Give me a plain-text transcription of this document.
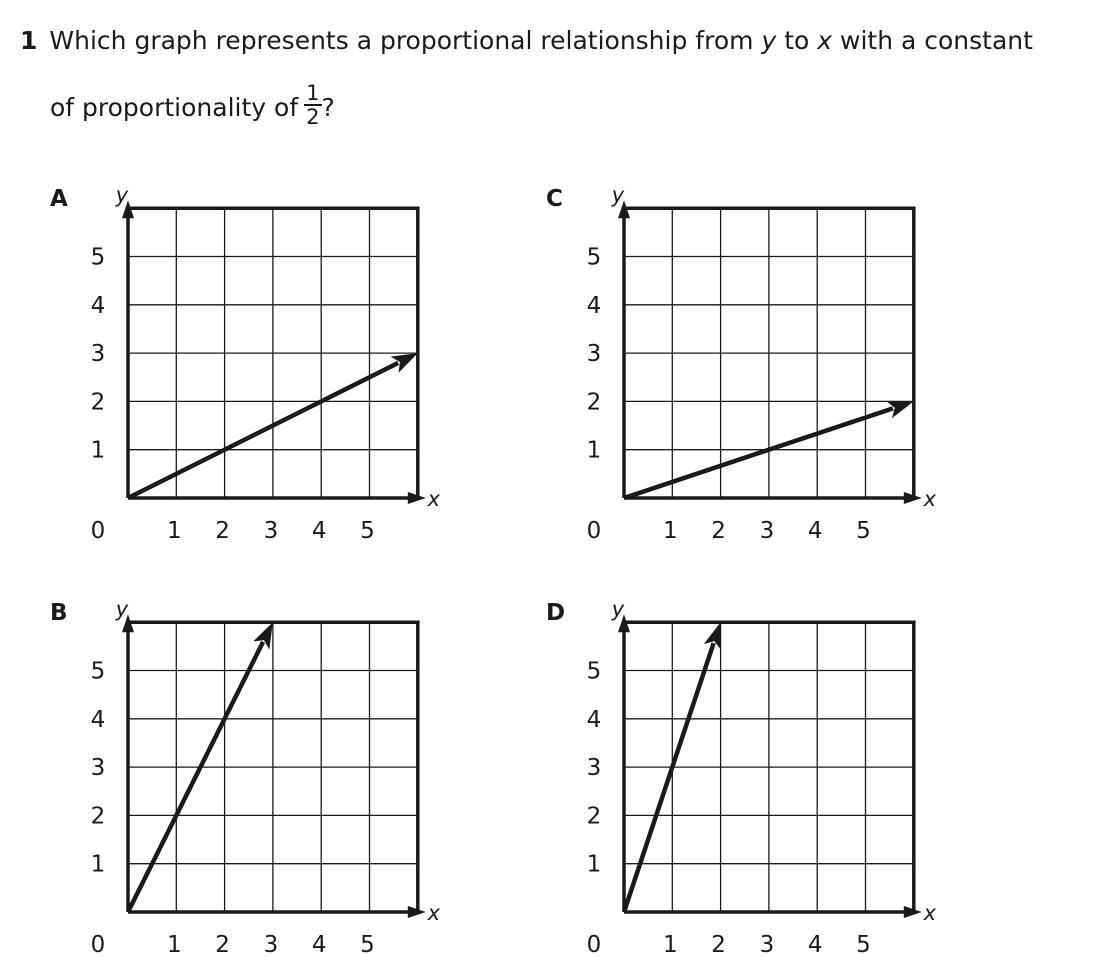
1 Which graph represents a proportional relationship from y to x with a constant
of proportionality of $\frac{1}{2}$ ?
A y
x
0	1 2 3 4 5
1
2
3
4
5
C y
x
0	1 2 3 4 5
1
2
3
4
5
B y
x
0	1 2 3 4 5
1
2
3
4
5
D y
x
0	1 2 3 4 5
1
2
3
4
5
